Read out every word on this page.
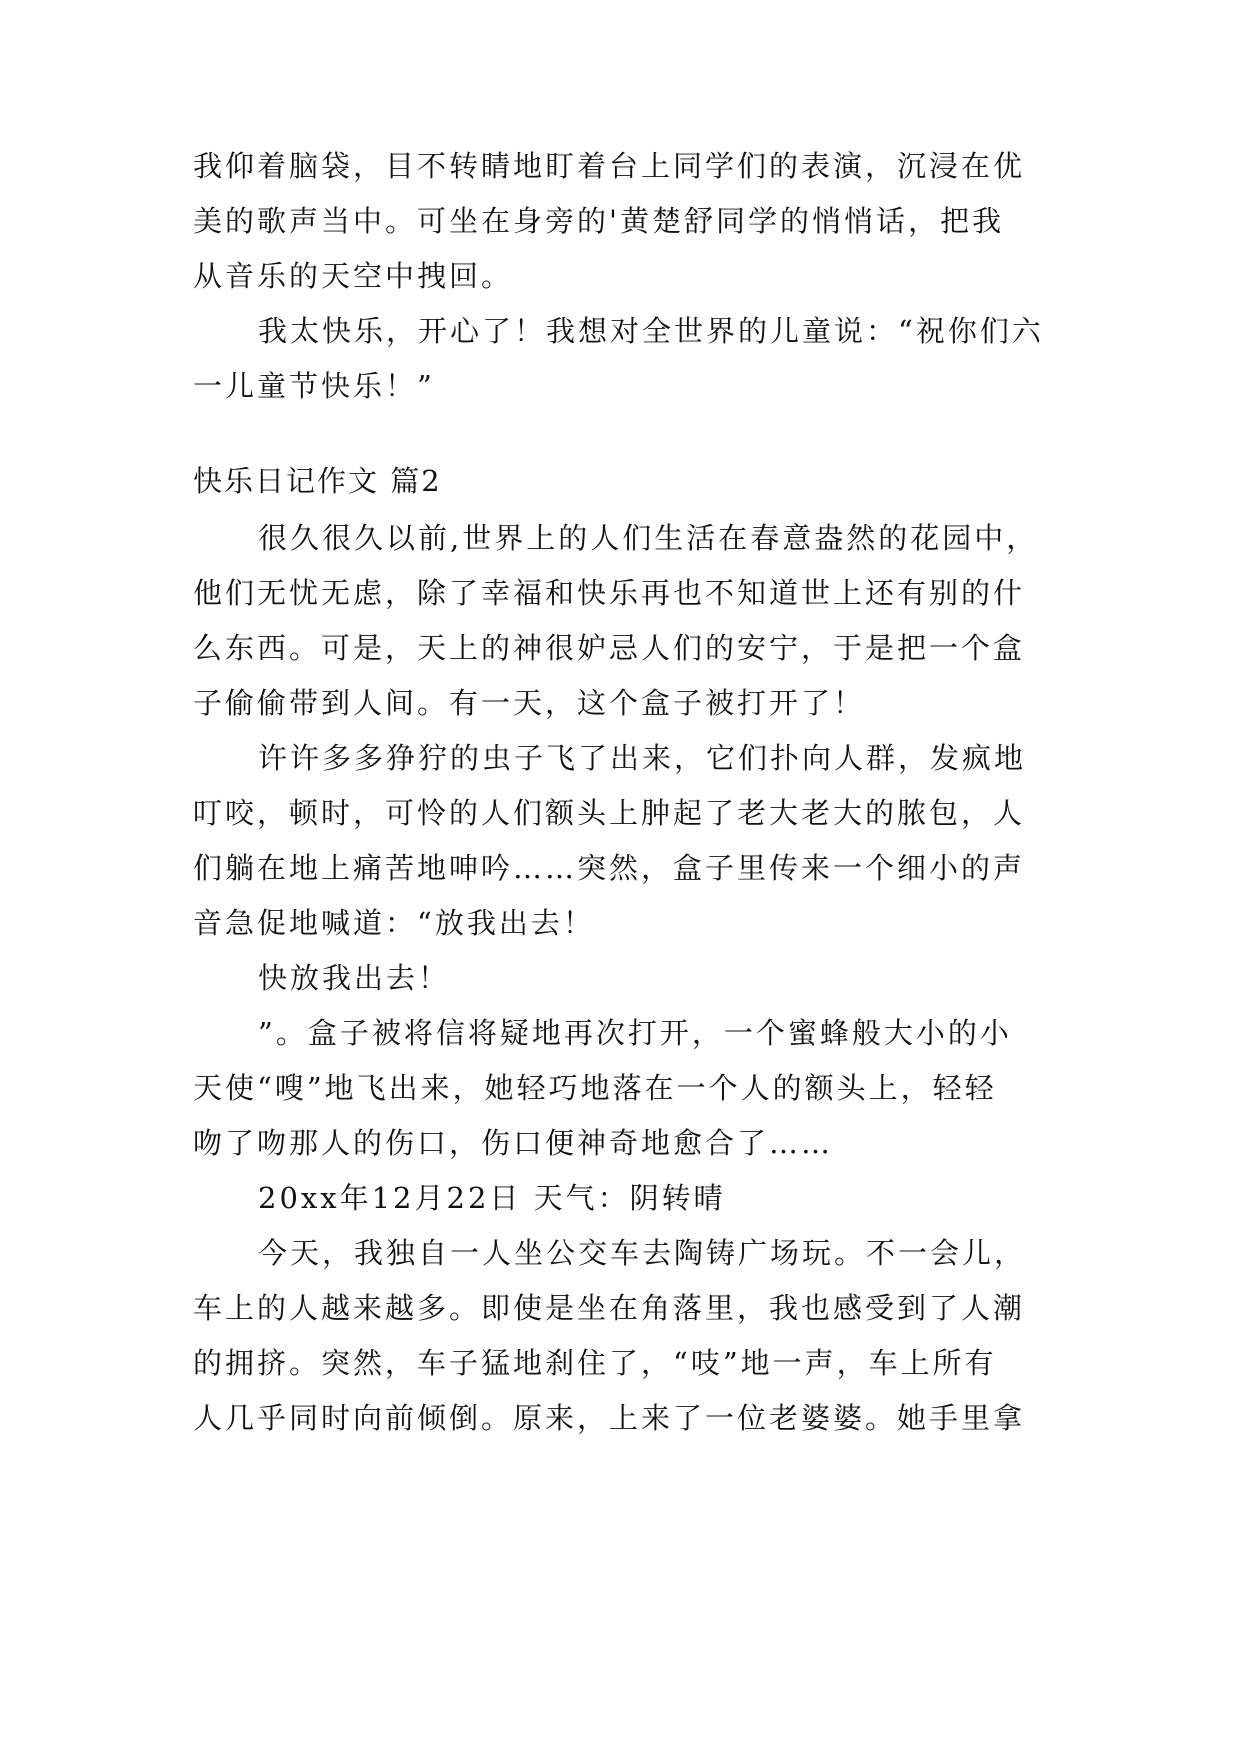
我仰着脑袋，目不转睛地盯着台上同学们的表演，沉浸在优
美的歌声当中。可坐在身旁的'黄楚舒同学的悄悄话，把我
从音乐的天空中拽回。
我太快乐，开心了！我想对全世界的儿童说：“祝你们六
一儿童节快乐！”
快乐日记作文 篇2
很久很久以前,世界上的人们生活在春意盎然的花园中，
他们无忧无虑，除了幸福和快乐再也不知道世上还有别的什
么东西。可是，天上的神很妒忌人们的安宁，于是把一个盒
子偷偷带到人间。有一天，这个盒子被打开了！
许许多多狰狞的虫子飞了出来，它们扑向人群，发疯地
叮咬，顿时，可怜的人们额头上肿起了老大老大的脓包，人
们躺在地上痛苦地呻吟……突然，盒子里传来一个细小的声
音急促地喊道：“放我出去！
快放我出去！
”。盒子被将信将疑地再次打开，一个蜜蜂般大小的小
天使“嗖”地飞出来，她轻巧地落在一个人的额头上，轻轻
吻了吻那人的伤口，伤口便神奇地愈合了……
20xx年12月22日 天气：阴转晴
今天，我独自一人坐公交车去陶铸广场玩。不一会儿，
车上的人越来越多。即使是坐在角落里，我也感受到了人潮
的拥挤。突然，车子猛地刹住了，“吱”地一声，车上所有
人几乎同时向前倾倒。原来，上来了一位老婆婆。她手里拿
